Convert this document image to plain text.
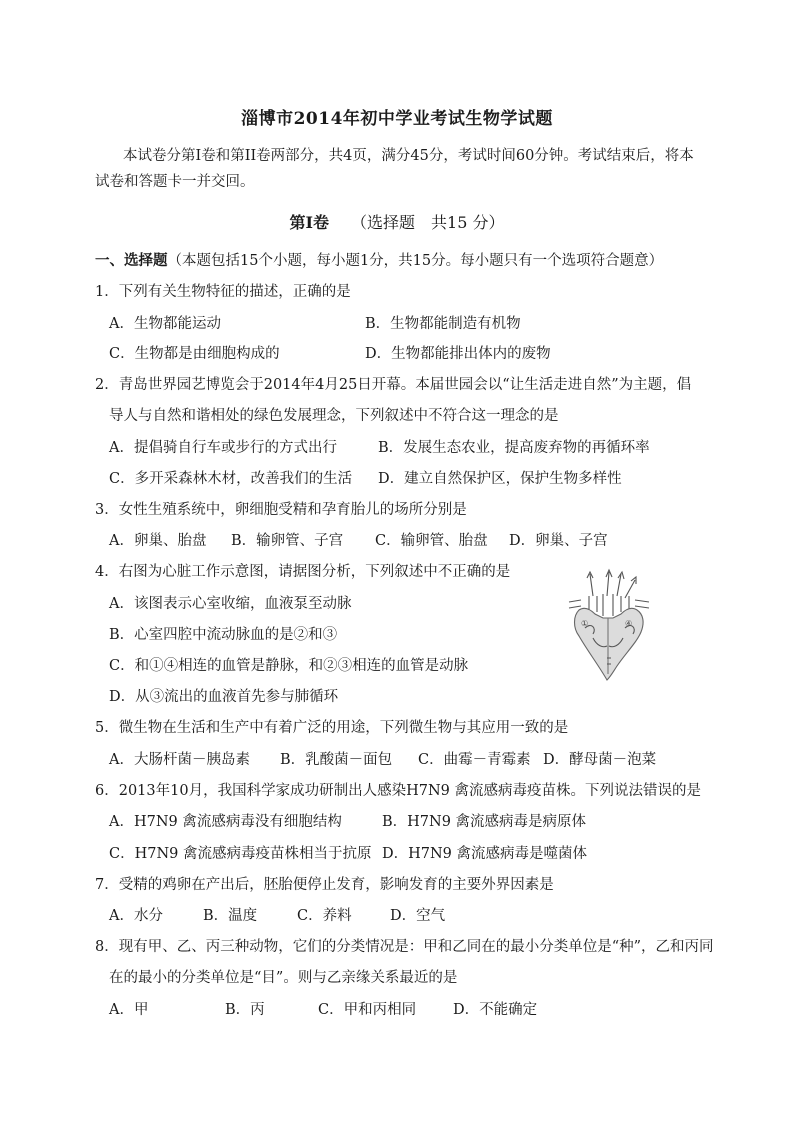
淄博市2014年初中学业考试生物学试题

本试卷分第I卷和第II卷两部分，共4页，满分45分，考试时间60分钟。考试结束后，将本

试卷和答题卡一并交回。

第I卷 （选择题　共15 分）
一、选择题（本题包括15个小题，每小题1分，共15分。每小题只有一个选项符合题意）
1．下列有关生物特征的描述，正确的是
A．生物都能运动	B．生物都能制造有机物
C．生物都是由细胞构成的	D．生物都能排出体内的废物
2．青岛世界园艺博览会于2014年4月25日开幕。本届世园会以“让生活走进自然”为主题，倡
导人与自然和谐相处的绿色发展理念，下列叙述中不符合这一理念的是
A．提倡骑自行车或步行的方式出行	B．发展生态农业，提高废弃物的再循环率
C．多开采森林木材，改善我们的生活 D．建立自然保护区，保护生物多样性
3．女性生殖系统中，卵细胞受精和孕育胎儿的场所分别是
A．卵巢、胎盘 B．输卵管、子宫 C．输卵管、胎盘 D．卵巢、子宫
4．右图为心脏工作示意图，请据图分析，下列叙述中不正确的是
A．该图表示心室收缩，血液泵至动脉
B．心室四腔中流动脉血的是②和③
C．和①④相连的血管是静脉，和②③相连的血管是动脉
D．从③流出的血液首先参与肺循环
①	④
5．微生物在生活和生产中有着广泛的用途，下列微生物与其应用一致的是
A．大肠杆菌－胰岛素 B．乳酸菌－面包 C．曲霉－青霉素 D．酵母菌－泡菜
6．2013年10月，我国科学家成功研制出人感染H7N9 禽流感病毒疫苗株。下列说法错误的是
A．H7N9 禽流感病毒没有细胞结构	B．H7N9 禽流感病毒是病原体
C．H7N9 禽流感病毒疫苗株相当于抗原 D．H7N9 禽流感病毒是噬菌体
7．受精的鸡卵在产出后，胚胎便停止发育，影响发育的主要外界因素是
A．水分	B．温度	C．养料	D．空气
8．现有甲、乙、丙三种动物，它们的分类情况是：甲和乙同在的最小分类单位是“种”，乙和丙同
在的最小的分类单位是“目”。则与乙亲缘关系最近的是
A．甲	B．丙	C．甲和丙相同	D．不能确定
